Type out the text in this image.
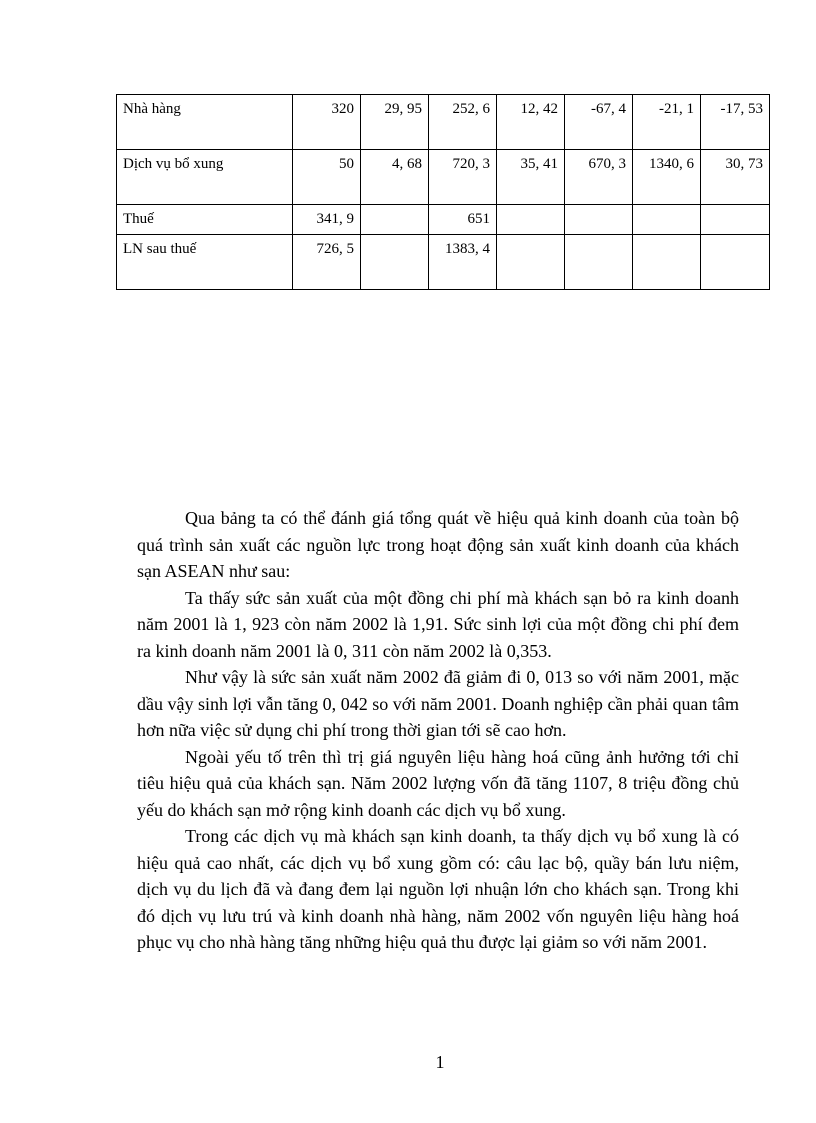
Nhà hàng	320	29, 95	252, 6	12, 42	-67, 4	-21, 1	-17, 53
Dịch vụ bổ xung	50	4, 68	720, 3	35, 41	670, 3	1340, 6	30, 73
Thuế	341, 9		651				
LN sau thuế	726, 5		1383, 4				

Qua bảng ta có thể đánh giá tổng quát về hiệu quả kinh doanh của toàn bộ quá trình sản xuất các nguồn lực trong hoạt động sản xuất kinh doanh của khách sạn ASEAN như sau:

Ta thấy sức sản xuất của một đồng chi phí mà khách sạn bỏ ra kinh doanh năm 2001 là 1, 923 còn năm 2002 là 1,91. Sức sinh lợi của một đồng chi phí đem ra kinh doanh năm 2001 là 0, 311 còn năm 2002 là 0,353.

Như vậy là sức sản xuất năm 2002 đã giảm đi 0, 013 so với năm 2001, mặc dầu vậy sinh lợi vẫn tăng 0, 042 so với năm 2001. Doanh nghiệp cần phải quan tâm hơn nữa việc sử dụng chi phí trong thời gian tới sẽ cao hơn.

Ngoài yếu tố trên thì trị giá nguyên liệu hàng hoá cũng ảnh hưởng tới chỉ tiêu hiệu quả của khách sạn. Năm 2002 lượng vốn đã tăng 1107, 8 triệu đồng chủ yếu do khách sạn mở rộng kinh doanh các dịch vụ bổ xung.

Trong các dịch vụ mà khách sạn kinh doanh, ta thấy dịch vụ bổ xung là có hiệu quả cao nhất, các dịch vụ bổ xung gồm có: câu lạc bộ, quầy bán lưu niệm, dịch vụ du lịch đã và đang đem lại nguồn lợi nhuận lớn cho khách sạn. Trong khi đó dịch vụ lưu trú và kinh doanh nhà hàng, năm 2002 vốn nguyên liệu hàng hoá phục vụ cho nhà hàng tăng những hiệu quả thu được lại giảm so với năm 2001.

1
